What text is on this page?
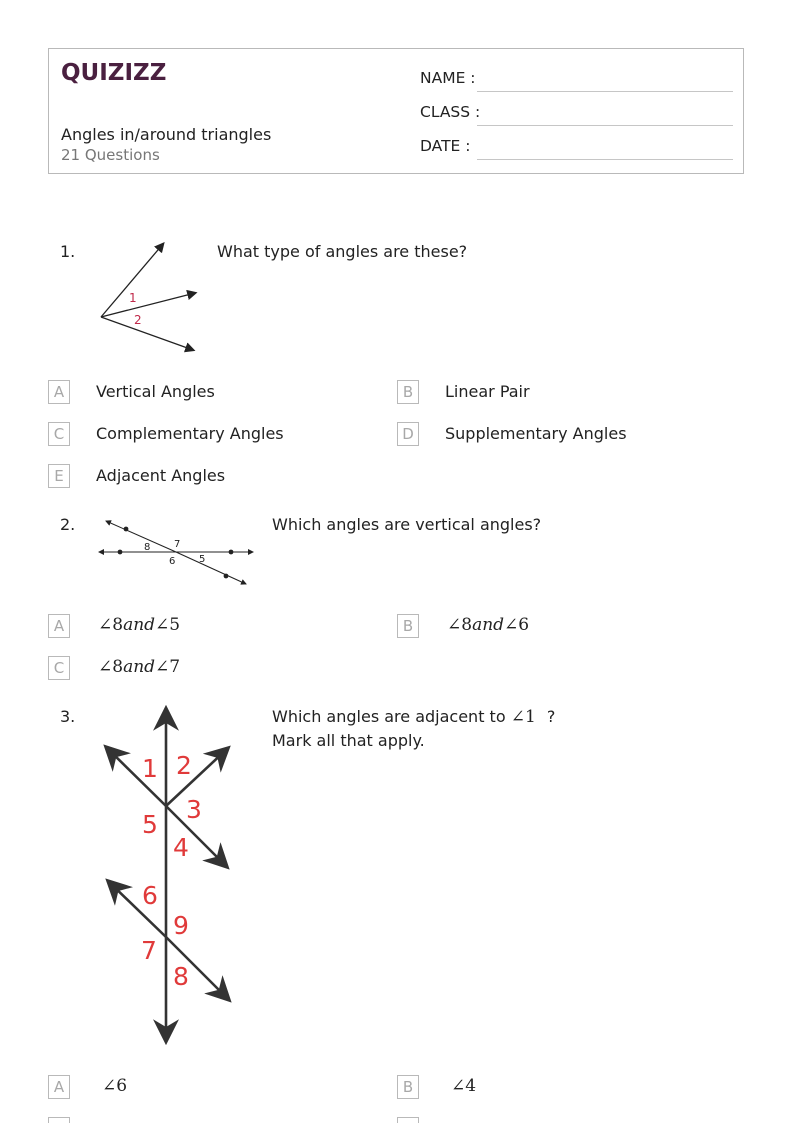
QUIZIZZ
Angles in/around triangles
21 Questions
NAME :
CLASS :
DATE :
1.
1
2
What type of angles are these?
A	Vertical Angles	B	Linear Pair
C	Complementary Angles	D	Supplementary Angles
E	Adjacent Angles
2.
7
8
6 5
Which angles are vertical angles?
A	∠8and∠5	B	∠8and∠6
C	∠8and∠7
3.
1 2
3
4
5
6
7
8
9
Which angles are adjacent to ∠1 ?
Mark all that apply.
A	∠6	B	∠4
